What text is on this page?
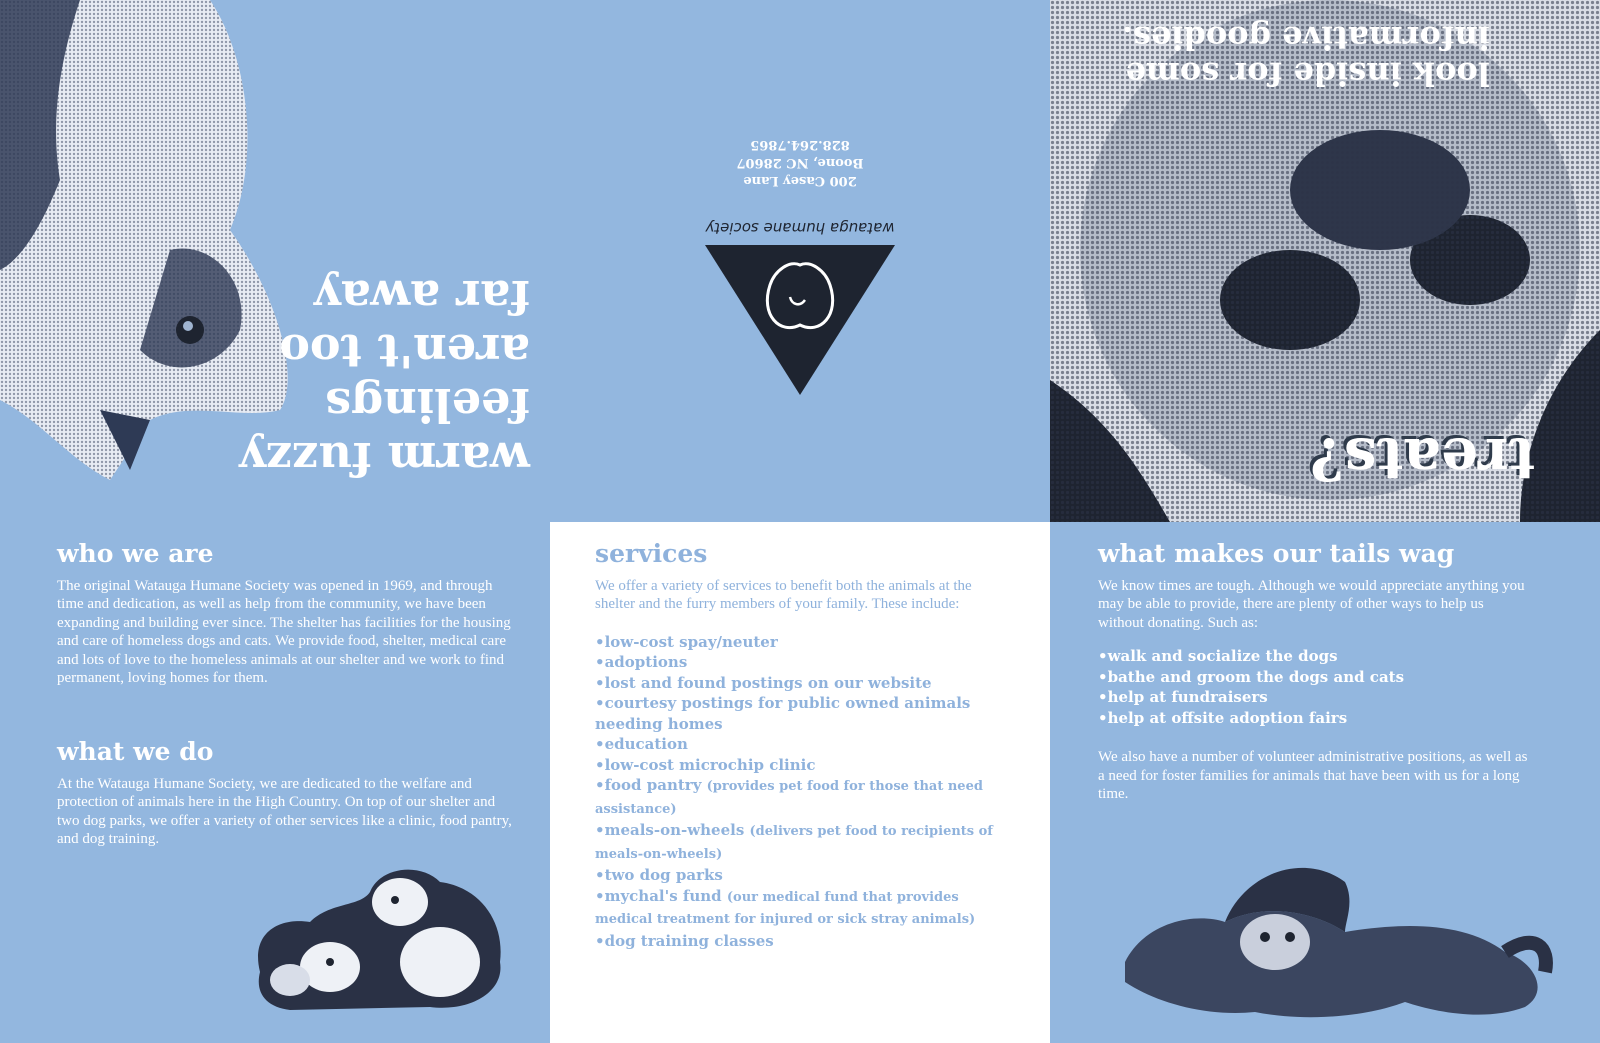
warm fuzzy
feelings
aren't too
far away
200 Casey Lane
Boone, NC 28607
828.264.7865
watauga humane society
look inside for some
informative goodies.
treats?
who we are

The original Watauga Humane Society was opened in 1969, and through time and dedication, as well as help from the community, we have been expanding and building ever since. The shelter has facilities for the housing and care of homeless dogs and cats. We provide food, shelter, medical care and lots of love to the homeless animals at our shelter and we work to find permanent, loving homes for them.

what we do

At the Watauga Humane Society, we are dedicated to the welfare and protection of animals here in the High Country. On top of our shelter and two dog parks, we offer a variety of other services like a clinic, food pantry, and dog training.

services

We offer a variety of services to benefit both the animals at the shelter and the furry members of your family. These include:

•low-cost spay/neuter
•adoptions
•lost and found postings on our website
•courtesy postings for public owned animals needing homes
•education
•low-cost microchip clinic
•food pantry (provides pet food for those that need assistance)
•meals-on-wheels (delivers pet food to recipients of meals-on-wheels)
•two dog parks
•mychal's fund (our medical fund that provides medical treatment for injured or sick stray animals)
•dog training classes
what makes our tails wag

We know times are tough. Although we would appreciate anything you may be able to provide, there are plenty of other ways to help us without donating. Such as:

•walk and socialize the dogs
•bathe and groom the dogs and cats
•help at fundraisers
•help at offsite adoption fairs

We also have a number of volunteer administrative positions, as well as a need for foster families for animals that have been with us for a long time.
